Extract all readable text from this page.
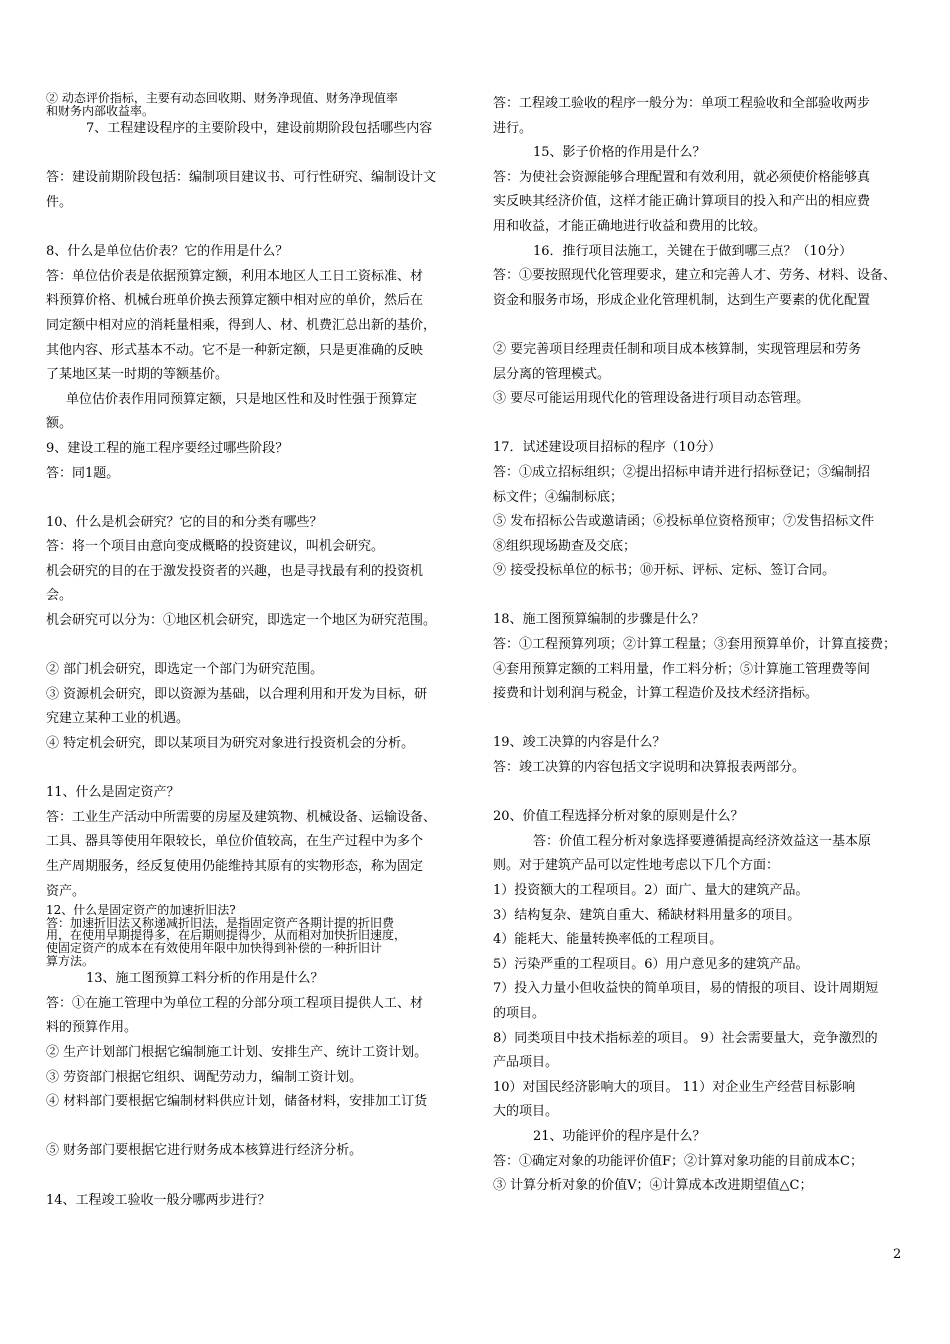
② 动态评价指标，主要有动态回收期、财务净现值、财务净现值率
和财务内部收益率。
7、工程建设程序的主要阶段中，建设前期阶段包括哪些内容
答：建设前期阶段包括：编制项目建议书、可行性研究、编制设计文
件。
8、什么是单位估价表？它的作用是什么？
答：单位估价表是依据预算定额，利用本地区人工日工资标准、材
料预算价格、机械台班单价换去预算定额中相对应的单价，然后在
同定额中相对应的消耗量相乘，得到人、材、机费汇总出新的基价，
其他内容、形式基本不动。它不是一种新定额，只是更准确的反映
了某地区某一时期的等额基价。
单位估价表作用同预算定额，只是地区性和及时性强于预算定
额。
9、建设工程的施工程序要经过哪些阶段？
答：同1题。
10、什么是机会研究？它的目的和分类有哪些？
答：将一个项目由意向变成概略的投资建议，叫机会研究。
机会研究的目的在于激发投资者的兴趣，也是寻找最有利的投资机
会。
机会研究可以分为：①地区机会研究，即选定一个地区为研究范围。
② 部门机会研究，即选定一个部门为研究范围。
③ 资源机会研究，即以资源为基础，以合理利用和开发为目标，研
究建立某种工业的机遇。
④ 特定机会研究，即以某项目为研究对象进行投资机会的分析。
11、什么是固定资产？
答：工业生产活动中所需要的房屋及建筑物、机械设备、运输设备、
工具、器具等使用年限较长，单位价值较高，在生产过程中为多个
生产周期服务，经反复使用仍能维持其原有的实物形态，称为固定
资产。
12、什么是固定资产的加速折旧法?
答：加速折旧法又称递减折旧法，是指固定资产各期计提的折旧费
用，在使用早期提得多，在后期则提得少，从而相对加快折旧速度，
使固定资产的成本在有效使用年限中加快得到补偿的一种折旧计
算方法。
13、施工图预算工料分析的作用是什么？
答：①在施工管理中为单位工程的分部分项工程项目提供人工、材
料的预算作用。
② 生产计划部门根据它编制施工计划、安排生产、统计工资计划。
③ 劳资部门根据它组织、调配劳动力，编制工资计划。
④ 材料部门要根据它编制材料供应计划，储备材料，安排加工订货
⑤ 财务部门要根据它进行财务成本核算进行经济分析。
14、工程竣工验收一般分哪两步进行？
答：工程竣工验收的程序一般分为：单项工程验收和全部验收两步
进行。
15、影子价格的作用是什么？
答：为使社会资源能够合理配置和有效利用，就必须使价格能够真
实反映其经济价值，这样才能正确计算项目的投入和产出的相应费
用和收益，才能正确地进行收益和费用的比较。
16．推行项目法施工，关键在于做到哪三点？（10分）
答：①要按照现代化管理要求，建立和完善人才、劳务、材料、设备、
资金和服务市场，形成企业化管理机制，达到生产要素的优化配置
② 要完善项目经理责任制和项目成本核算制，实现管理层和劳务
层分离的管理模式。
③ 要尽可能运用现代化的管理设备进行项目动态管理。
17．试述建设项目招标的程序（10分）
答：①成立招标组织；②提出招标申请并进行招标登记；③编制招
标文件；④编制标底；
⑤ 发布招标公告或邀请函；⑥投标单位资格预审；⑦发售招标文件
⑧组织现场勘查及交底；
⑨ 接受投标单位的标书；⑩开标、评标、定标、签订合同。
18、施工图预算编制的步骤是什么？
答：①工程预算列项；②计算工程量；③套用预算单价，计算直接费；
④套用预算定额的工料用量，作工料分析；⑤计算施工管理费等间
接费和计划利润与税金，计算工程造价及技术经济指标。
19、竣工决算的内容是什么？
答：竣工决算的内容包括文字说明和决算报表两部分。
20、价值工程选择分析对象的原则是什么？
答：价值工程分析对象选择要遵循提高经济效益这一基本原
则。对于建筑产品可以定性地考虑以下几个方面：
1）投资额大的工程项目。2）面广、量大的建筑产品。
3）结构复杂、建筑自重大、稀缺材料用量多的项目。
4）能耗大、能量转换率低的工程项目。
5）污染严重的工程项目。6）用户意见多的建筑产品。
7）投入力量小但收益快的简单项目，易的情报的项目、设计周期短
的项目。
8）同类项目中技术指标差的项目。 9）社会需要量大，竞争激烈的
产品项目。
10）对国民经济影响大的项目。 11）对企业生产经营目标影响
大的项目。
21、功能评价的程序是什么？
答：①确定对象的功能评价值F；②计算对象功能的目前成本C；
③ 计算分析对象的价值V；④计算成本改进期望值△C；
2
